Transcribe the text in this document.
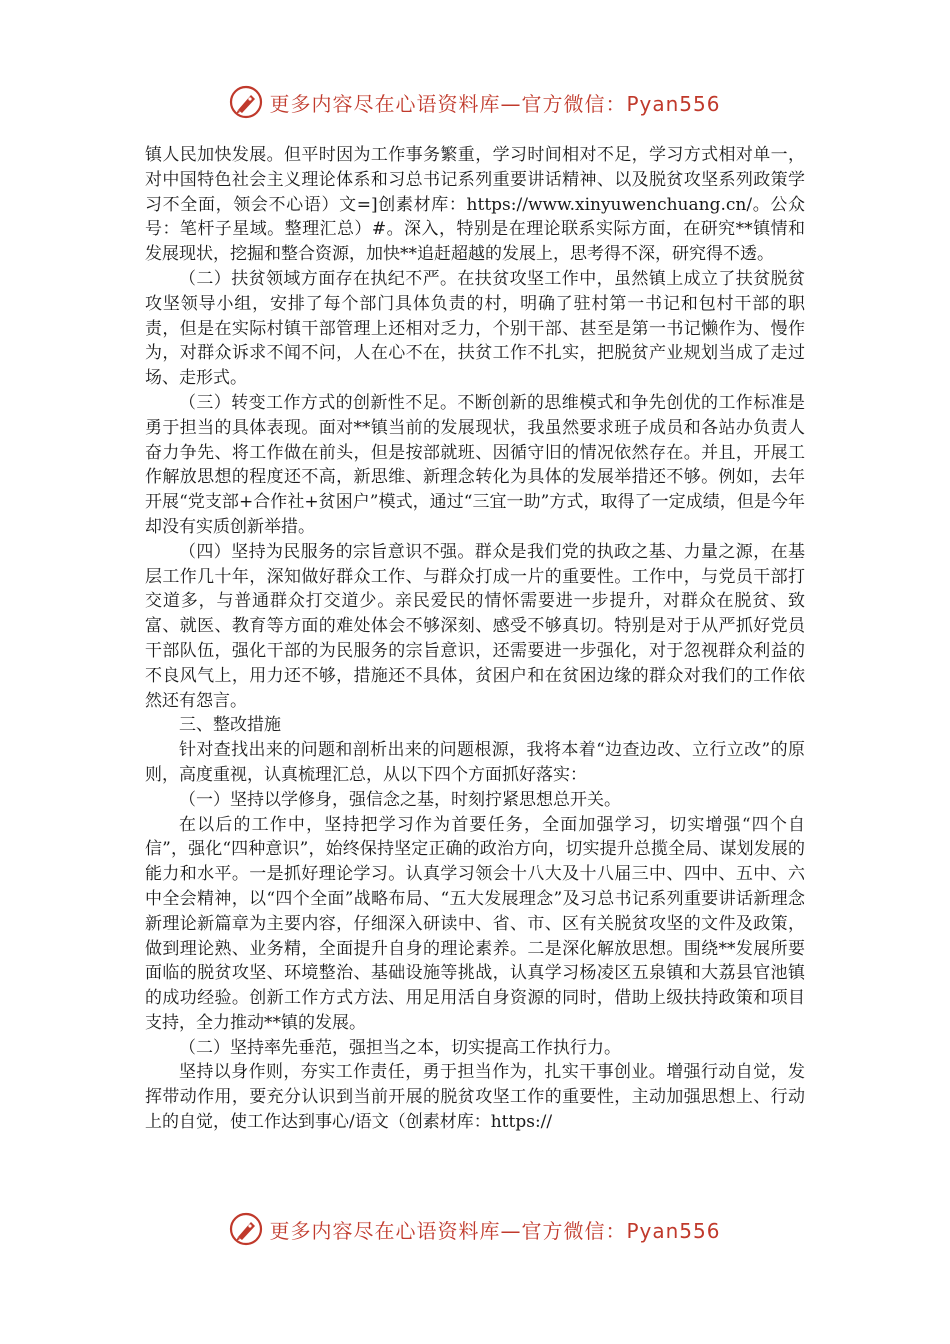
更多内容尽在心语资料库—官方微信：Pyan556

镇人民加快发展。但平时因为工作事务繁重，学习时间相对不足，学习方式相对单一，对中国特色社会主义理论体系和习总书记系列重要讲话精神、以及脱贫攻坚系列政策学习不全面，领会不心语）文=]创素材库：https://www.xinyuwenchuang.cn/。公众号：笔杆子星域。整理汇总）#。深入，特别是在理论联系实际方面，在研究**镇情和发展现状，挖掘和整合资源，加快**追赶超越的发展上，思考得不深，研究得不透。

（二）扶贫领域方面存在执纪不严。在扶贫攻坚工作中，虽然镇上成立了扶贫脱贫攻坚领导小组，安排了每个部门具体负责的村，明确了驻村第一书记和包村干部的职责，但是在实际村镇干部管理上还相对乏力，个别干部、甚至是第一书记懒作为、慢作为，对群众诉求不闻不问，人在心不在，扶贫工作不扎实，把脱贫产业规划当成了走过场、走形式。

（三）转变工作方式的创新性不足。不断创新的思维模式和争先创优的工作标准是勇于担当的具体表现。面对**镇当前的发展现状，我虽然要求班子成员和各站办负责人奋力争先、将工作做在前头，但是按部就班、因循守旧的情况依然存在。并且，开展工作解放思想的程度还不高，新思维、新理念转化为具体的发展举措还不够。例如，去年开展“党支部+合作社+贫困户”模式，通过“三宜一助”方式，取得了一定成绩，但是今年却没有实质创新举措。

（四）坚持为民服务的宗旨意识不强。群众是我们党的执政之基、力量之源，在基层工作几十年，深知做好群众工作、与群众打成一片的重要性。工作中，与党员干部打交道多，与普通群众打交道少。亲民爱民的情怀需要进一步提升，对群众在脱贫、致富、就医、教育等方面的难处体会不够深刻、感受不够真切。特别是对于从严抓好党员干部队伍，强化干部的为民服务的宗旨意识，还需要进一步强化，对于忽视群众利益的不良风气上，用力还不够，措施还不具体，贫困户和在贫困边缘的群众对我们的工作依然还有怨言。

三、整改措施

针对查找出来的问题和剖析出来的问题根源，我将本着“边查边改、立行立改”的原则，高度重视，认真梳理汇总，从以下四个方面抓好落实：

（一）坚持以学修身，强信念之基，时刻拧紧思想总开关。

在以后的工作中，坚持把学习作为首要任务，全面加强学习，切实增强“四个自信”，强化“四种意识”，始终保持坚定正确的政治方向，切实提升总揽全局、谋划发展的能力和水平。一是抓好理论学习。认真学习领会十八大及十八届三中、四中、五中、六中全会精神，以“四个全面”战略布局、“五大发展理念”及习总书记系列重要讲话新理念新理论新篇章为主要内容，仔细深入研读中、省、市、区有关脱贫攻坚的文件及政策，做到理论熟、业务精，全面提升自身的理论素养。二是深化解放思想。围绕**发展所要面临的脱贫攻坚、环境整治、基础设施等挑战，认真学习杨凌区五泉镇和大荔县官池镇的成功经验。创新工作方式方法、用足用活自身资源的同时，借助上级扶持政策和项目支持，全力推动**镇的发展。

（二）坚持率先垂范，强担当之本，切实提高工作执行力。

坚持以身作则，夯实工作责任，勇于担当作为，扎实干事创业。增强行动自觉，发挥带动作用，要充分认识到当前开展的脱贫攻坚工作的重要性，主动加强思想上、行动上的自觉，使工作达到事心/语文（创素材库：https://

更多内容尽在心语资料库—官方微信：Pyan556
